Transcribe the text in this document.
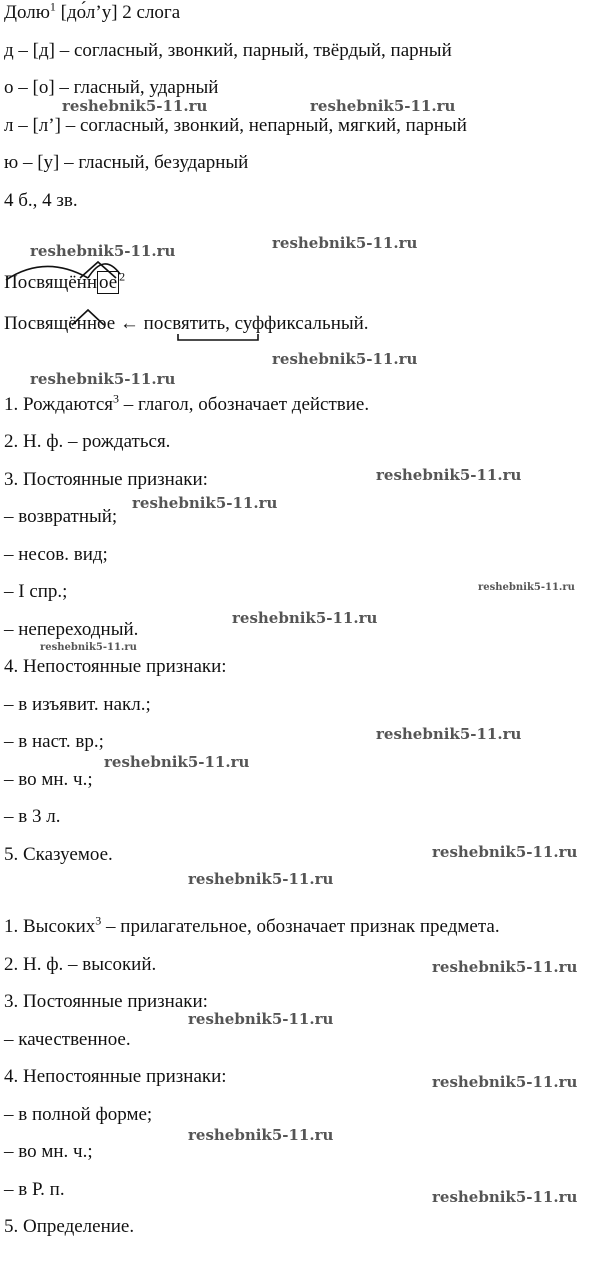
Долю$^1$ [до́л’у] 2 слога
д – [д] – согласный, звонкий, парный, твёрдый, парный
о – [о] – гласный, ударный
л – [л’] – согласный, звонкий, непарный, мягкий, парный
ю – [у] – гласный, безударный
4 б., 4 зв.
Посвящённ ое $^2$
Посвящённое ← посвятить, суффиксальный.
1. Рождаются$^3$ – глагол, обозначает действие.
2. Н. ф. – рождаться.
3. Постоянные признаки:
– возвратный;
– несов. вид;
– I спр.;
– непереходный.
4. Непостоянные признаки:
– в изъявит. накл.;
– в наст. вр.;
– во мн. ч.;
– в 3 л.
5. Сказуемое.
1. Высоких$^3$ – прилагательное, обозначает признак предмета.
2. Н. ф. – высокий.
3. Постоянные признаки:
– качественное.
4. Непостоянные признаки:
– в полной форме;
– во мн. ч.;
– в Р. п.
5. Определение.
reshebnik5-11.ru	reshebnik5-11.ru
reshebnik5-11.ru	reshebnik5-11.ru
reshebnik5-11.ru
reshebnik5-11.ru
reshebnik5-11.ru
reshebnik5-11.ru
reshebnik5-11.ru
reshebnik5-11.ru
reshebnik5-11.ru
reshebnik5-11.ru
reshebnik5-11.ru
reshebnik5-11.ru
reshebnik5-11.ru
reshebnik5-11.ru
reshebnik5-11.ru
reshebnik5-11.ru
reshebnik5-11.ru
reshebnik5-11.ru
